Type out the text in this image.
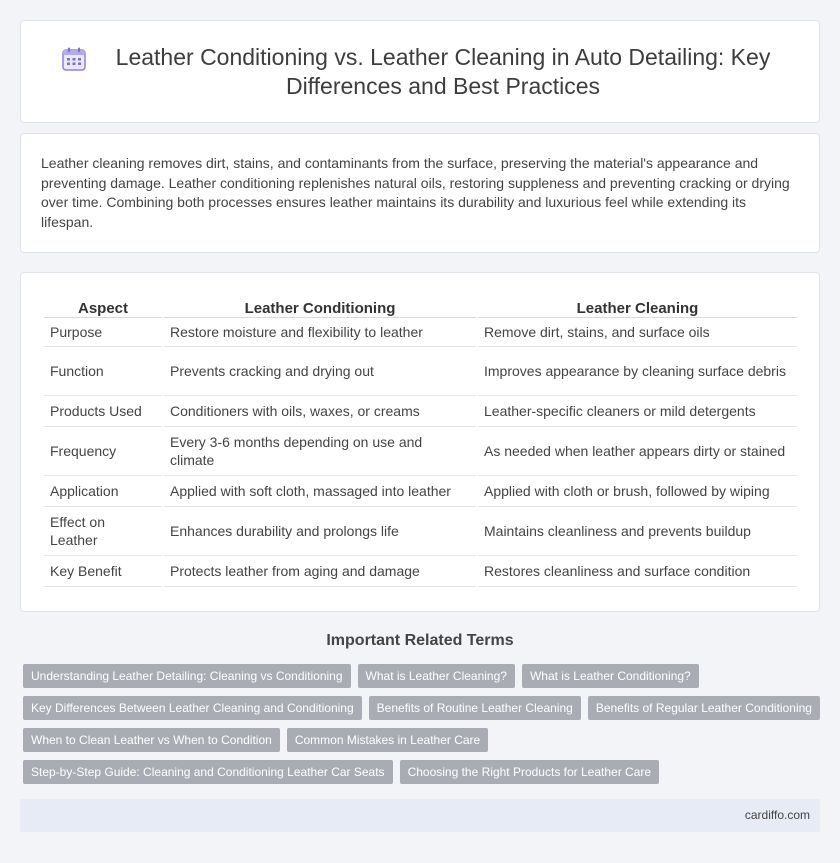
Leather Conditioning vs. Leather Cleaning in Auto Detailing: Key Differences and Best Practices

Leather cleaning removes dirt, stains, and contaminants from the surface, preserving the material's appearance and preventing damage. Leather conditioning replenishes natural oils, restoring suppleness and preventing cracking or drying over time. Combining both processes ensures leather maintains its durability and luxurious feel while extending its lifespan.

Aspect	Leather Conditioning	Leather Cleaning
Purpose	Restore moisture and flexibility to leather	Remove dirt, stains, and surface oils
Function	Prevents cracking and drying out	Improves appearance by cleaning surface debris
Products Used	Conditioners with oils, waxes, or creams	Leather-specific cleaners or mild detergents
Frequency	Every 3-6 months depending on use and climate	As needed when leather appears dirty or stained
Application	Applied with soft cloth, massaged into leather	Applied with cloth or brush, followed by wiping
Effect on Leather	Enhances durability and prolongs life	Maintains cleanliness and prevents buildup
Key Benefit	Protects leather from aging and damage	Restores cleanliness and surface condition
Important Related Terms
Understanding Leather Detailing: Cleaning vs Conditioning	What is Leather Cleaning?	What is Leather Conditioning?
Key Differences Between Leather Cleaning and Conditioning	Benefits of Routine Leather Cleaning	Benefits of Regular Leather Conditioning
When to Clean Leather vs When to Condition	Common Mistakes in Leather Care
Step-by-Step Guide: Cleaning and Conditioning Leather Car Seats	Choosing the Right Products for Leather Care
cardiffo.com
